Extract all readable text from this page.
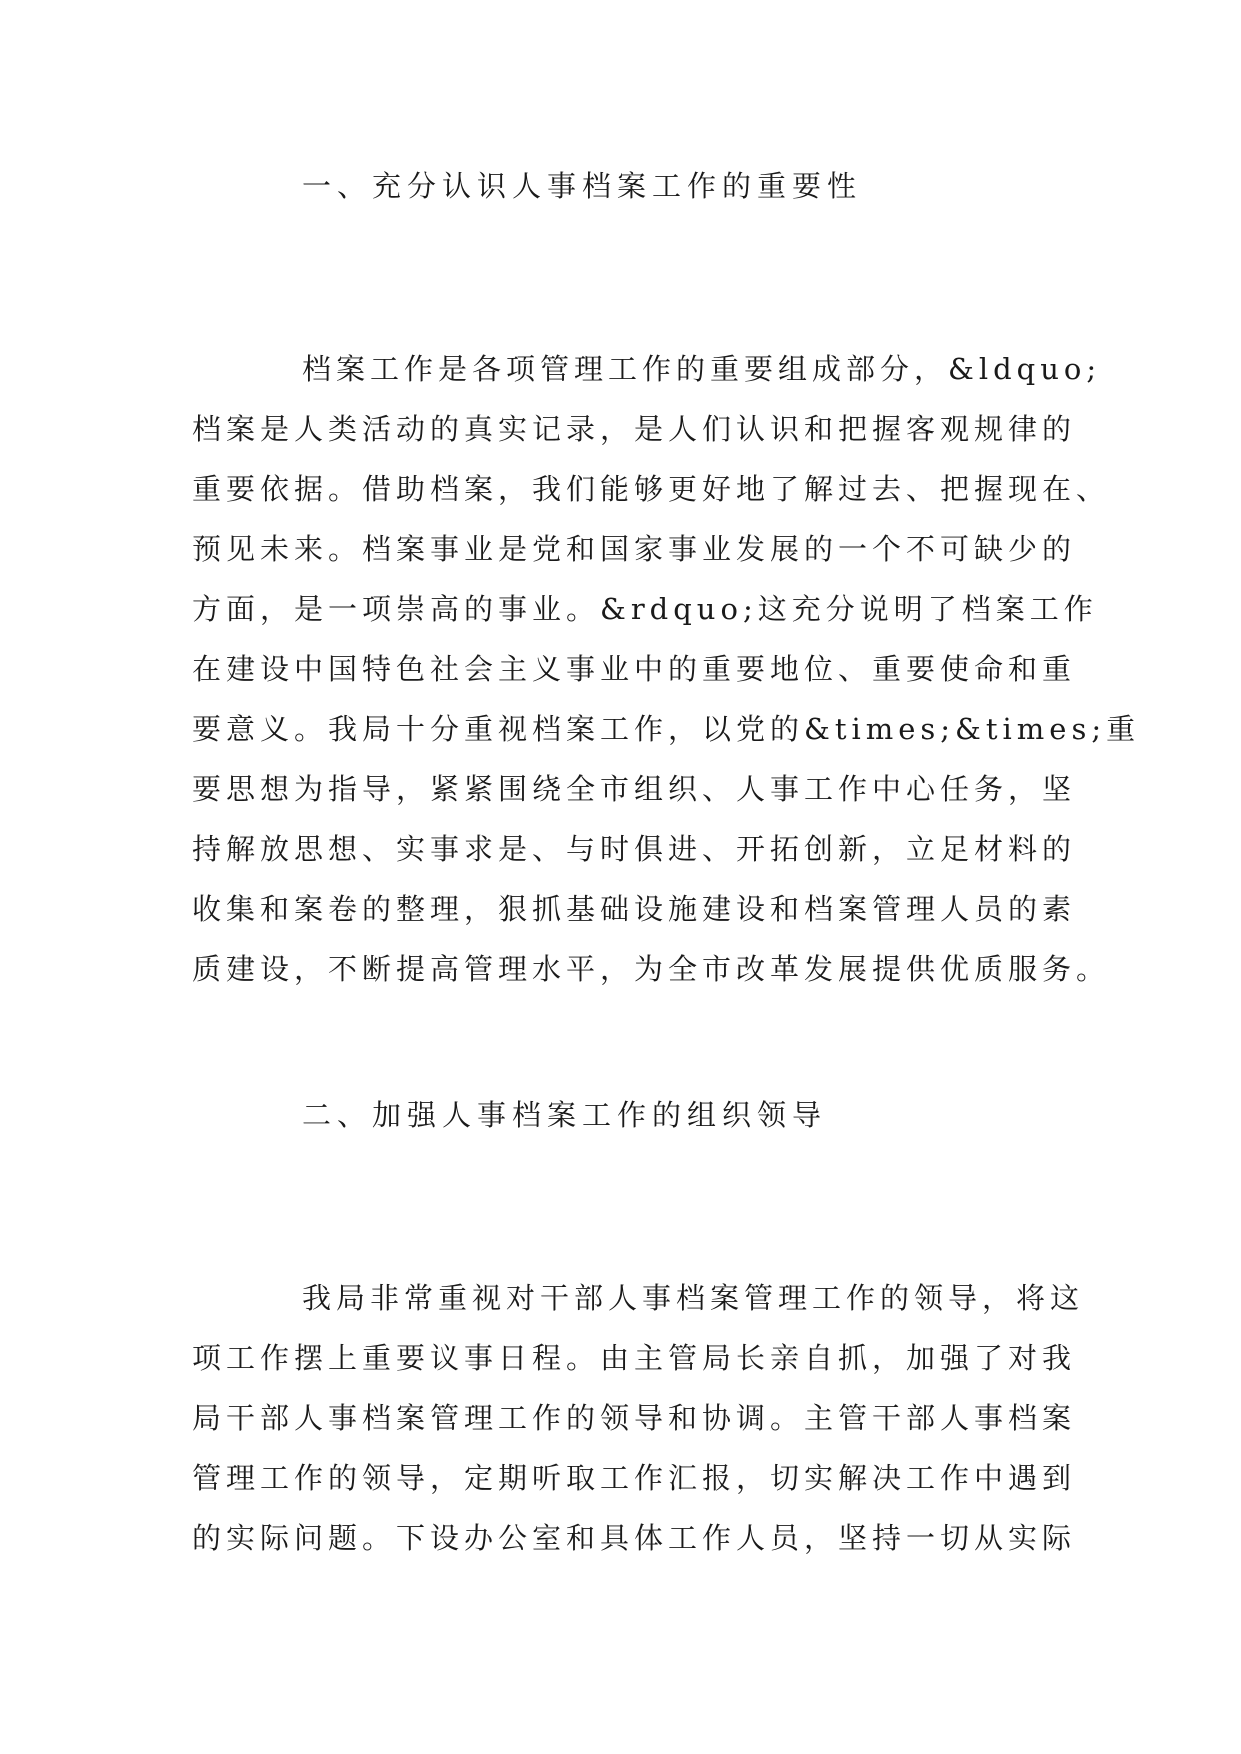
一、充分认识人事档案工作的重要性
档案工作是各项管理工作的重要组成部分，&ldquo;
档案是人类活动的真实记录，是人们认识和把握客观规律的
重要依据。借助档案，我们能够更好地了解过去、把握现在、
预见未来。档案事业是党和国家事业发展的一个不可缺少的
方面，是一项崇高的事业。&rdquo;这充分说明了档案工作
在建设中国特色社会主义事业中的重要地位、重要使命和重
要意义。我局十分重视档案工作，以党的&times;&times;重
要思想为指导，紧紧围绕全市组织、人事工作中心任务，坚
持解放思想、实事求是、与时俱进、开拓创新，立足材料的
收集和案卷的整理，狠抓基础设施建设和档案管理人员的素
质建设，不断提高管理水平，为全市改革发展提供优质服务。
二、加强人事档案工作的组织领导
我局非常重视对干部人事档案管理工作的领导，将这
项工作摆上重要议事日程。由主管局长亲自抓，加强了对我
局干部人事档案管理工作的领导和协调。主管干部人事档案
管理工作的领导，定期听取工作汇报，切实解决工作中遇到
的实际问题。下设办公室和具体工作人员，坚持一切从实际
